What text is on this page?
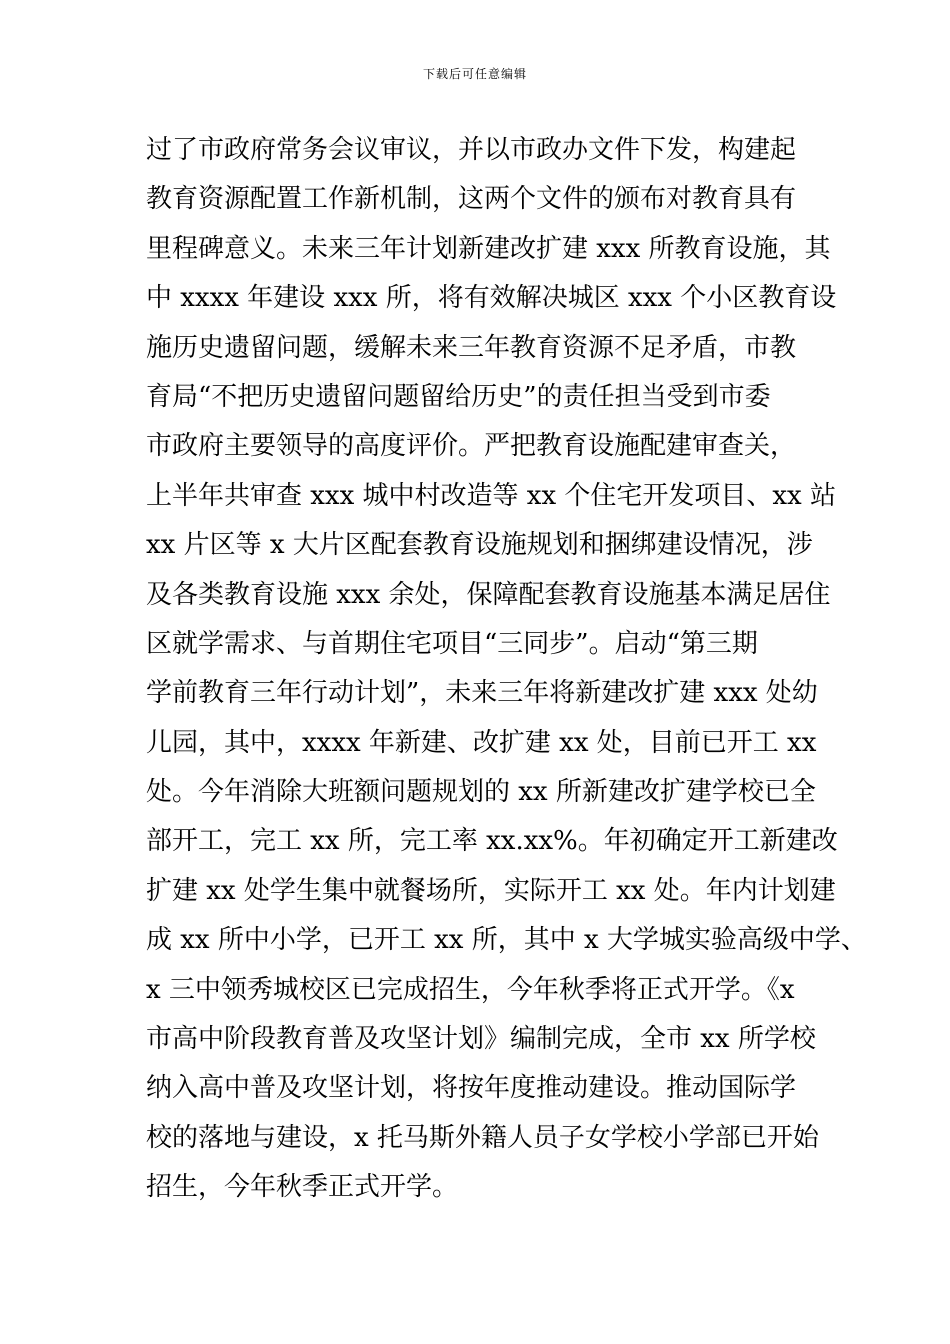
下载后可任意编辑
过了市政府常务会议审议，并以市政办文件下发，构建起
教育资源配置工作新机制，这两个文件的颁布对教育具有
里程碑意义。未来三年计划新建改扩建 xxx 所教育设施，其
中 xxxx 年建设 xxx 所，将有效解决城区 xxx 个小区教育设
施历史遗留问题，缓解未来三年教育资源不足矛盾，市教
育局“不把历史遗留问题留给历史”的责任担当受到市委
市政府主要领导的高度评价。严把教育设施配建审查关，
上半年共审查 xxx 城中村改造等 xx 个住宅开发项目、xx 站
xx 片区等 x 大片区配套教育设施规划和捆绑建设情况，涉
及各类教育设施 xxx 余处，保障配套教育设施基本满足居住
区就学需求、与首期住宅项目“三同步”。启动“第三期
学前教育三年行动计划”，未来三年将新建改扩建 xxx 处幼
儿园，其中，xxxx 年新建、改扩建 xx 处，目前已开工 xx
处。今年消除大班额问题规划的 xx 所新建改扩建学校已全
部开工，完工 xx 所，完工率 xx.xx%。年初确定开工新建改
扩建 xx 处学生集中就餐场所，实际开工 xx 处。年内计划建
成 xx 所中小学，已开工 xx 所，其中 x 大学城实验高级中学、
x 三中领秀城校区已完成招生，今年秋季将正式开学。《x
市高中阶段教育普及攻坚计划》编制完成，全市 xx 所学校
纳入高中普及攻坚计划，将按年度推动建设。推动国际学
校的落地与建设，x 托马斯外籍人员子女学校小学部已开始
招生，今年秋季正式开学。
